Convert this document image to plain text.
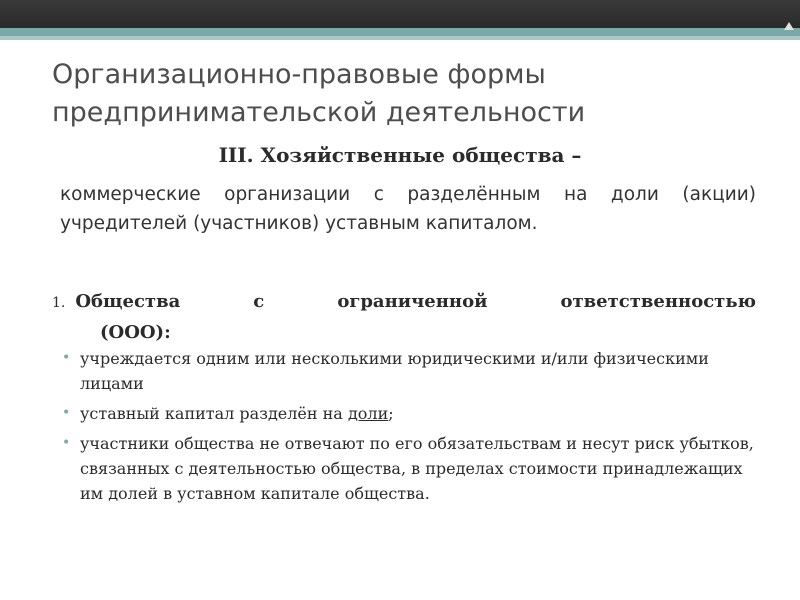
Организационно-правовые формы
предпринимательской деятельности
III. Хозяйственные общества –

коммерческие организации с разделённым на доли (акции) учредителей (участников) уставным капиталом.

1. Общества с ограниченной ответственностью
(ООО):
• учреждается одним или несколькими юридическими и/или физическими лицами
• уставный капитал разделён на доли;
• участники общества не отвечают по его обязательствам и несут риск убытков, связанных с деятельностью общества, в пределах стоимости принадлежащих им долей в уставном капитале общества.
